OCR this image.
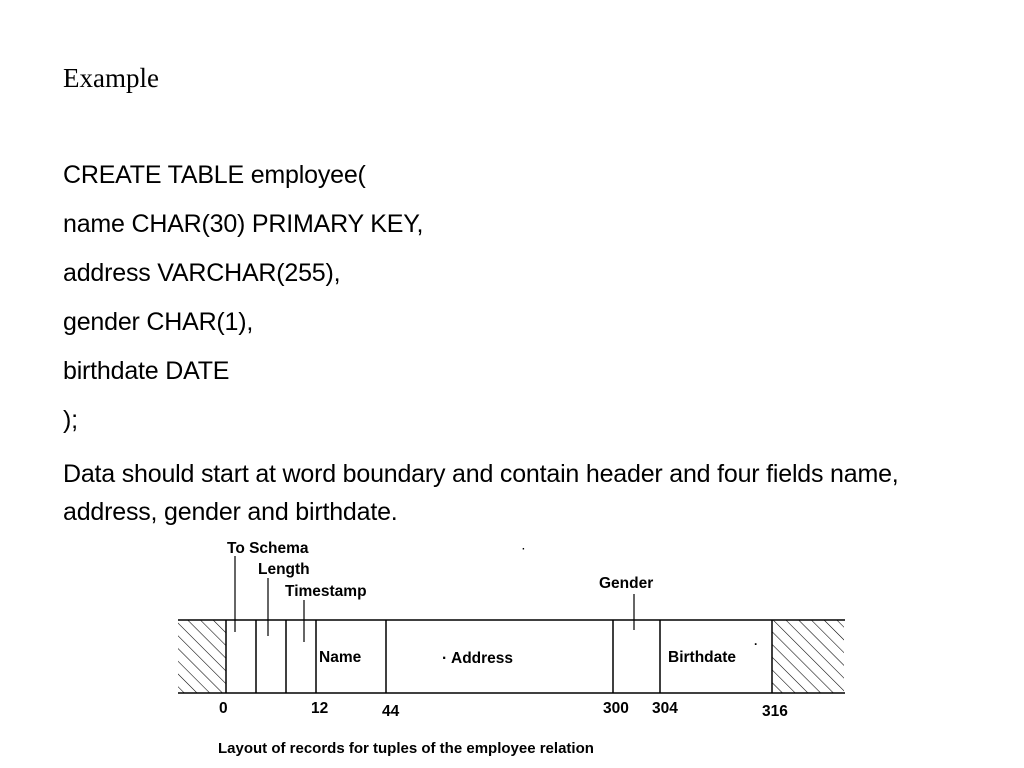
Example
CREATE TABLE employee(
name CHAR(30) PRIMARY KEY,
address VARCHAR(255),
gender CHAR(1),
birthdate DATE
);
Data should start at word boundary and contain header and four fields name, address, gender and birthdate.
To Schema
Length
Timestamp	Gender
Name	· Address	Birthdate
·
·
0	12	44	300 304	316
Layout of records for tuples of the employee relation
